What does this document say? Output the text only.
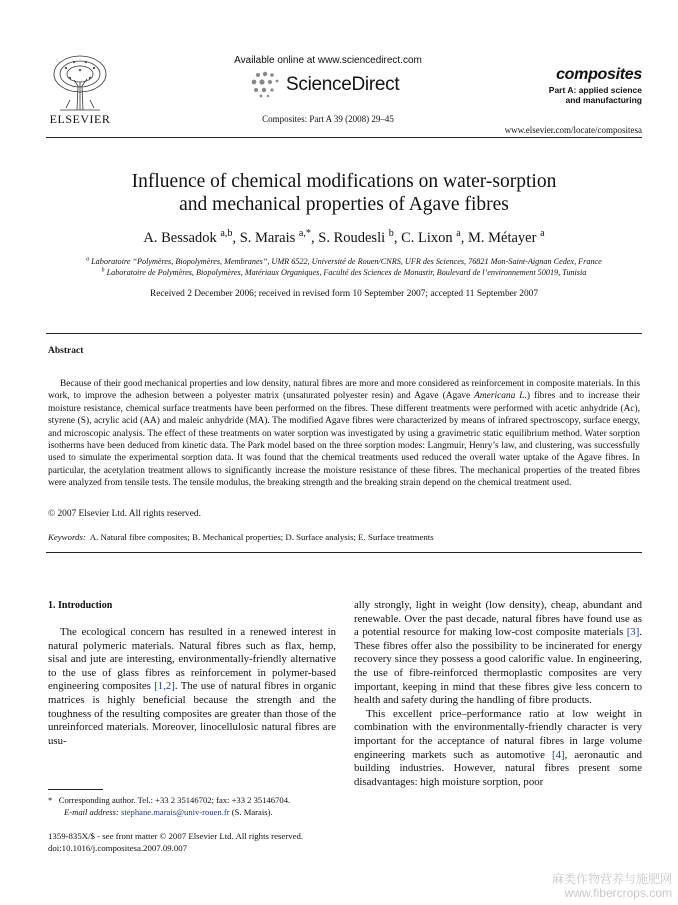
ELSEVIER
Available online at www.sciencedirect.com
ScienceDirect
Composites: Part A 39 (2008) 29–45
composites
Part A: applied science
and manufacturing
www.elsevier.com/locate/compositesa
Influence of chemical modifications on water-sorption
and mechanical properties of Agave fibres
A. Bessadok $^{a,b}$, S. Marais $^{a,*}$, S. Roudesli $^b$, C. Lixon $^a$, M. Métayer $^a$
$^a$ Laboratoire ‘‘Polymères, Biopolymères, Membranes’’, UMR 6522, Université de Rouen/CNRS, UFR des Sciences, 76821 Mon-Saint-Aignan Cedex, France
$^b$ Laboratoire de Polymères, Biopolymères, Matériaux Organiques, Faculté des Sciences de Monastir, Boulevard de l’environnement 50019, Tunisia
Received 2 December 2006; received in revised form 10 September 2007; accepted 11 September 2007
Abstract
Because of their good mechanical properties and low density, natural fibres are more and more considered as reinforcement in composite materials. In this work, to improve the adhesion between a polyester matrix (unsaturated polyester resin) and Agave (Agave Americana L.) fibres and to increase their moisture resistance, chemical surface treatments have been performed on the fibres. These different treatments were performed with acetic anhydride (Ac), styrene (S), acrylic acid (AA) and maleic anhydride (MA). The modified Agave fibres were characterized by means of infrared spectroscopy, surface energy, and microscopic analysis. The effect of these treatments on water sorption was investigated by using a gravimetric static equilibrium method. Water sorption isotherms have been deduced from kinetic data. The Park model based on the three sorption modes: Langmuir, Henry’s law, and clustering, was successfully used to simulate the experimental sorption data. It was found that the chemical treatments used reduced the overall water uptake of the Agave fibres. In particular, the acetylation treatment allows to significantly increase the moisture resistance of these fibres. The mechanical properties of the treated fibres were analyzed from tensile tests. The tensile modulus, the breaking strength and the breaking strain depend on the chemical treatment used.
© 2007 Elsevier Ltd. All rights reserved.
Keywords: A. Natural fibre composites; B. Mechanical properties; D. Surface analysis; E. Surface treatments
1. Introduction

The ecological concern has resulted in a renewed interest in natural polymeric materials. Natural fibres such as flax, hemp, sisal and jute are interesting, environmentally-friendly alternative to the use of glass fibres as reinforcement in polymer-based engineering composites [1,2]. The use of natural fibres in organic matrices is highly beneficial because the strength and the toughness of the resulting composites are greater than those of the unreinforced materials. Moreover, linocellulosic natural fibres are usu-

* Corresponding author. Tel.: +33 2 35146702; fax: +33 2 35146704.
E-mail address: stephane.marais@univ-rouen.fr (S. Marais).
1359-835X/$ - see front matter © 2007 Elsevier Ltd. All rights reserved.
doi:10.1016/j.compositesa.2007.09.007

ally strongly, light in weight (low density), cheap, abundant and renewable. Over the past decade, natural fibres have found use as a potential resource for making low-cost composite materials [3]. These fibres offer also the possibility to be incinerated for energy recovery since they possess a good calorific value. In engineering, the use of fibre-reinforced thermoplastic composites are very important, keeping in mind that these fibres give less concern to health and safety during the handling of fibre products.

This excellent price–performance ratio at low weight in combination with the environmentally-friendly character is very important for the acceptance of natural fibres in large volume engineering markets such as automotive [4], aeronautic and building industries. However, natural fibres present some disadvantages: high moisture sorption, poor

麻类作物营养与施肥网
www.fibercrops.com
